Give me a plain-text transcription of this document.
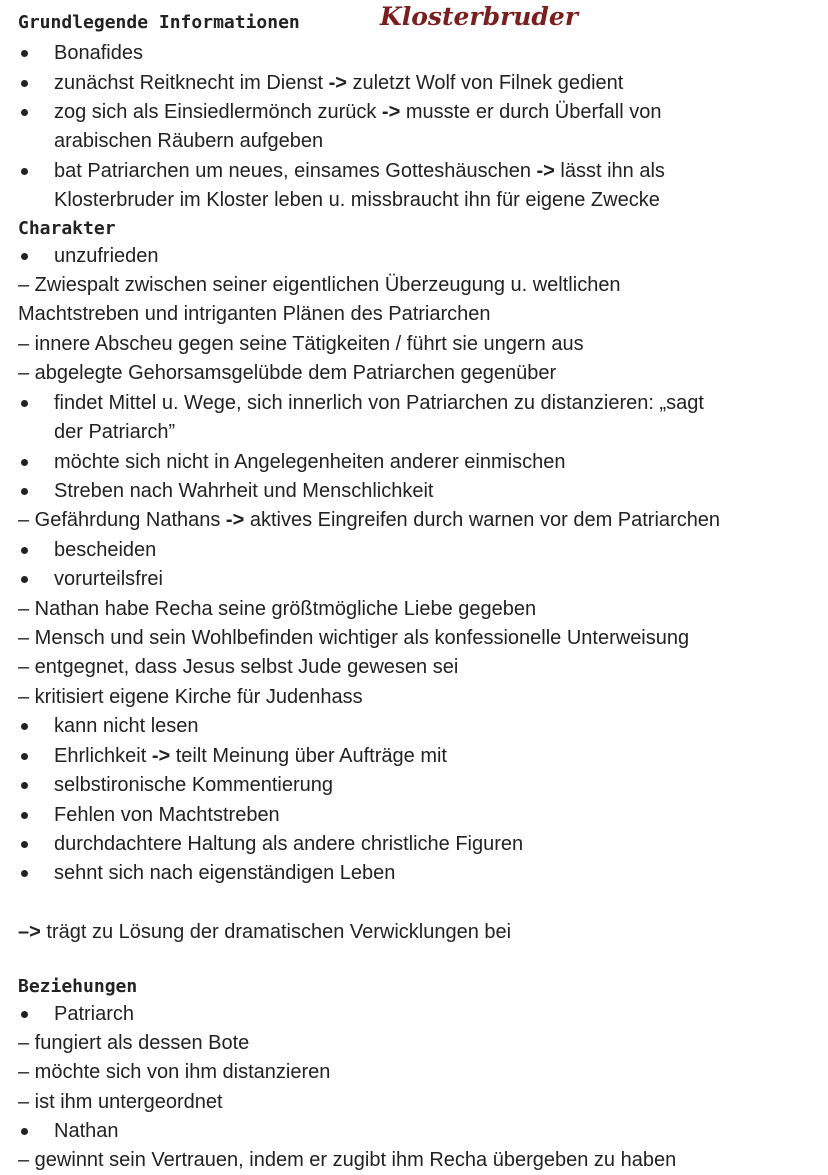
Grundlegende Informationen	Klosterbruder
Bonafides
zunächst Reitknecht im Dienst -> zuletzt Wolf von Filnek gedient
zog sich als Einsiedlermönch zurück -> musste er durch Überfall von
arabischen Räubern aufgeben
bat Patriarchen um neues, einsames Gotteshäuschen -> lässt ihn als
Klosterbruder im Kloster leben u. missbraucht ihn für eigene Zwecke
Charakter
unzufrieden
– Zwiespalt zwischen seiner eigentlichen Überzeugung u. weltlichen
Machtstreben und intriganten Plänen des Patriarchen
– innere Abscheu gegen seine Tätigkeiten / führt sie ungern aus
– abgelegte Gehorsamsgelübde dem Patriarchen gegenüber
findet Mittel u. Wege, sich innerlich von Patriarchen zu distanzieren: „sagt
der Patriarch”
möchte sich nicht in Angelegenheiten anderer einmischen
Streben nach Wahrheit und Menschlichkeit
– Gefährdung Nathans -> aktives Eingreifen durch warnen vor dem Patriarchen
bescheiden
vorurteilsfrei
– Nathan habe Recha seine größtmögliche Liebe gegeben
– Mensch und sein Wohlbefinden wichtiger als konfessionelle Unterweisung
– entgegnet, dass Jesus selbst Jude gewesen sei
– kritisiert eigene Kirche für Judenhass
kann nicht lesen
Ehrlichkeit -> teilt Meinung über Aufträge mit
selbstironische Kommentierung
Fehlen von Machtstreben
durchdachtere Haltung als andere christliche Figuren
sehnt sich nach eigenständigen Leben
–> trägt zu Lösung der dramatischen Verwicklungen bei
Beziehungen
Patriarch
– fungiert als dessen Bote
– möchte sich von ihm distanzieren
– ist ihm untergeordnet
Nathan
– gewinnt sein Vertrauen, indem er zugibt ihm Recha übergeben zu haben
